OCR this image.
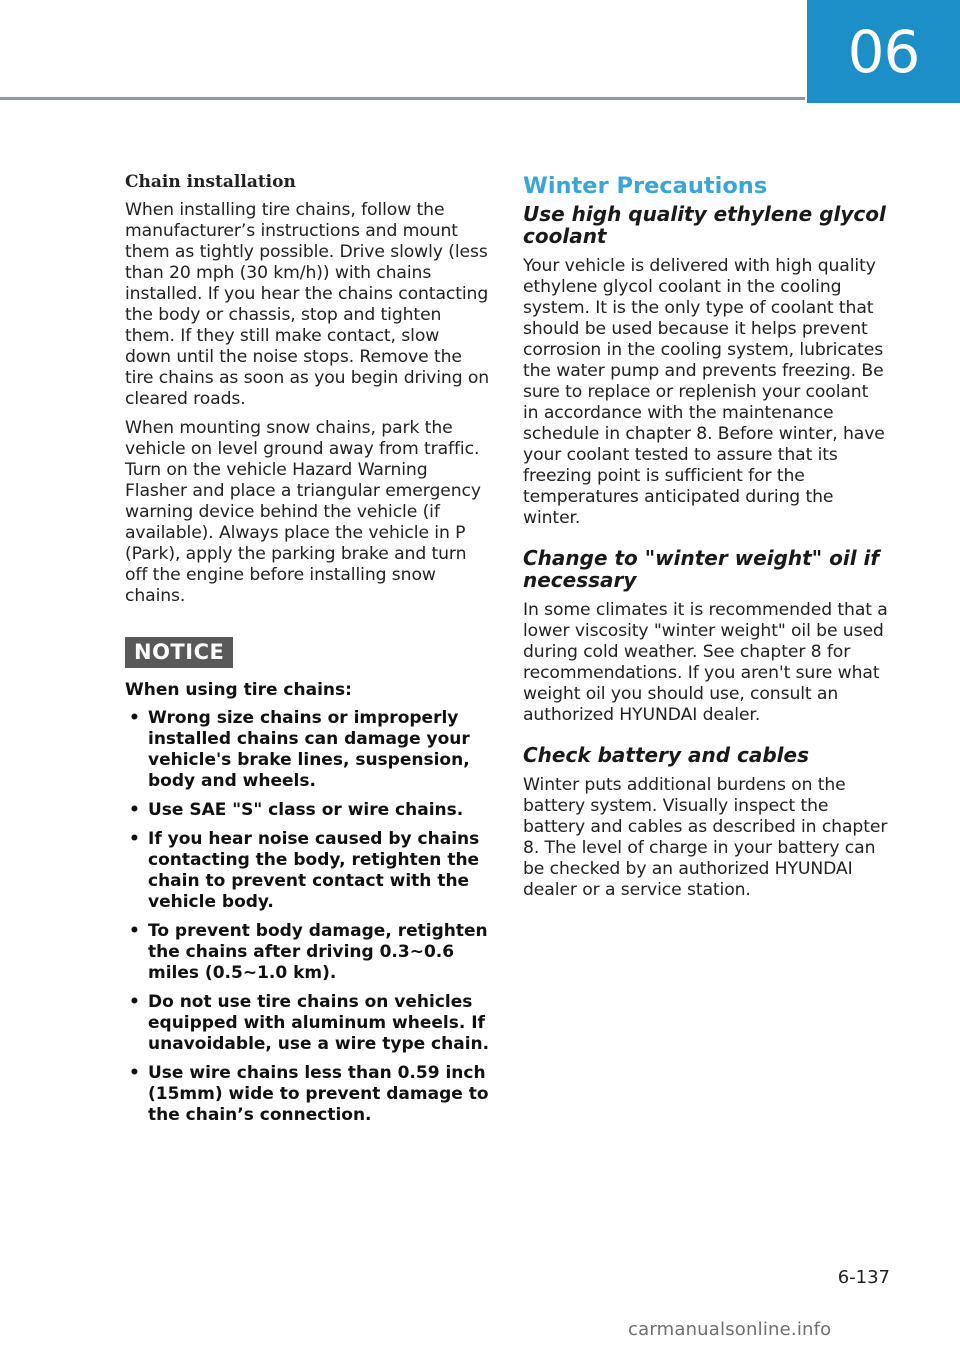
06
Chain installation

When installing tire chains, follow the manufacturer’s instructions and mount them as tightly possible. Drive slowly (less than 20 mph (30 km/h)) with chains installed. If you hear the chains contacting the body or chassis, stop and tighten them. If they still make contact, slow down until the noise stops. Remove the tire chains as soon as you begin driving on cleared roads.

When mounting snow chains, park the vehicle on level ground away from traffic. Turn on the vehicle Hazard Warning Flasher and place a triangular emergency warning device behind the vehicle (if available). Always place the vehicle in P (Park), apply the parking brake and turn off the engine before installing snow chains.

NOTICE
When using tire chains:
• Wrong size chains or improperly installed chains can damage your vehicle's brake lines, suspension, body and wheels.
• Use SAE "S" class or wire chains.
• If you hear noise caused by chains contacting the body, retighten the chain to prevent contact with the vehicle body.
• To prevent body damage, retighten the chains after driving 0.3~0.6 miles (0.5~1.0 km).
• Do not use tire chains on vehicles equipped with aluminum wheels. If unavoidable, use a wire type chain.
• Use wire chains less than 0.59 inch (15mm) wide to prevent damage to the chain’s connection.
Winter Precautions
Use high quality ethylene glycol coolant

Your vehicle is delivered with high quality ethylene glycol coolant in the cooling system. It is the only type of coolant that should be used because it helps prevent corrosion in the cooling system, lubricates the water pump and prevents freezing. Be sure to replace or replenish your coolant in accordance with the maintenance schedule in chapter 8. Before winter, have your coolant tested to assure that its freezing point is sufficient for the temperatures anticipated during the winter.

Change to "winter weight" oil if necessary

In some climates it is recommended that a lower viscosity "winter weight" oil be used during cold weather. See chapter 8 for recommendations. If you aren't sure what weight oil you should use, consult an authorized HYUNDAI dealer.

Check battery and cables

Winter puts additional burdens on the battery system. Visually inspect the battery and cables as described in chapter 8. The level of charge in your battery can be checked by an authorized HYUNDAI dealer or a service station.

6-137
carmanualsonline.info
